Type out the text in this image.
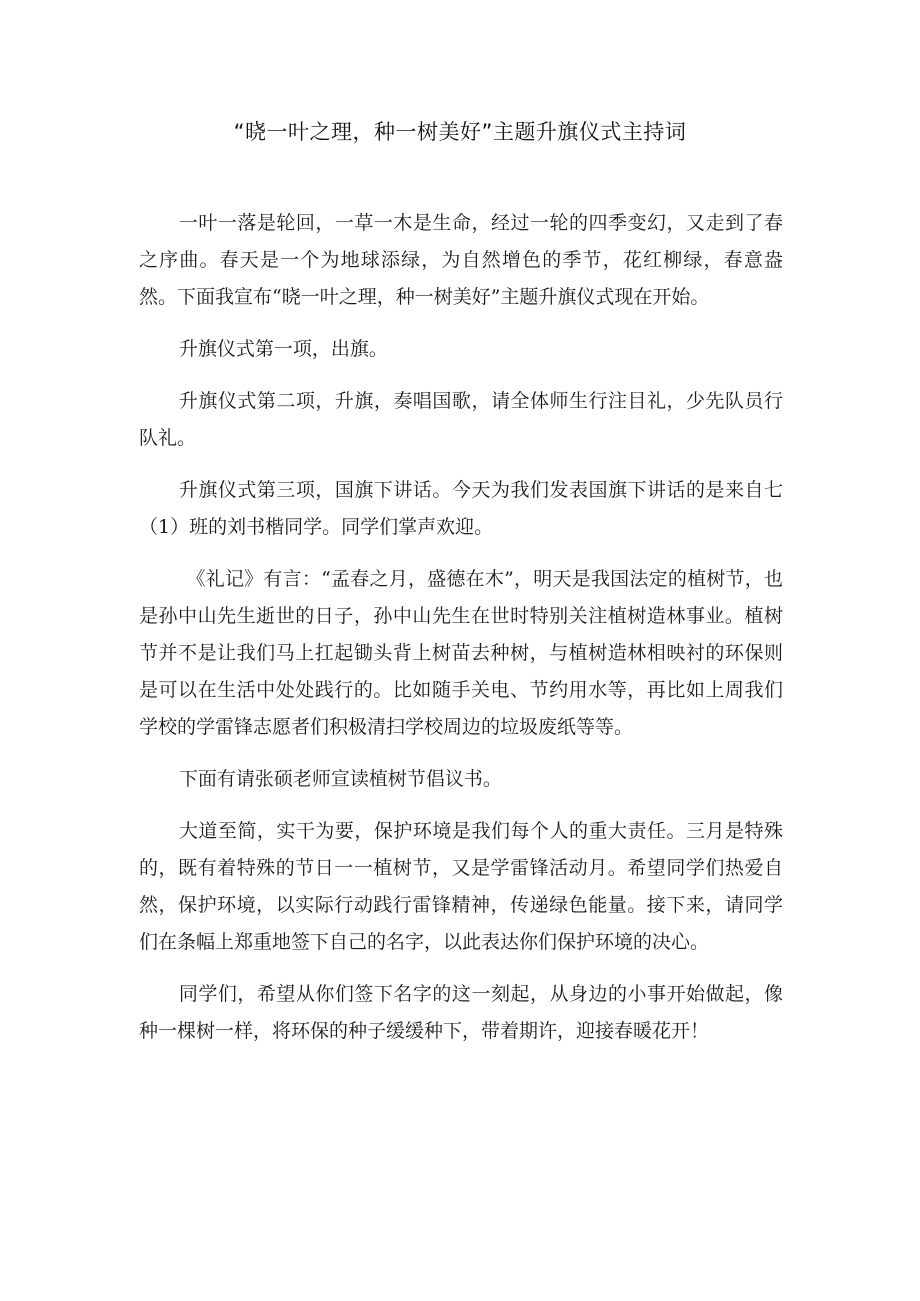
“晓一叶之理，种一树美好”主题升旗仪式主持词

一叶一落是轮回，一草一木是生命，经过一轮的四季变幻，又走到了春之序曲。春天是一个为地球添绿，为自然增色的季节，花红柳绿，春意盎然。下面我宣布“晓一叶之理，种一树美好”主题升旗仪式现在开始。

升旗仪式第一项，出旗。

升旗仪式第二项，升旗，奏唱国歌，请全体师生行注目礼，少先队员行队礼。

升旗仪式第三项，国旗下讲话。今天为我们发表国旗下讲话的是来自七（1）班的刘书楷同学。同学们掌声欢迎。

《礼记》有言：“孟春之月，盛德在木”，明天是我国法定的植树节，也是孙中山先生逝世的日子，孙中山先生在世时特别关注植树造林事业。植树节并不是让我们马上扛起锄头背上树苗去种树，与植树造林相映衬的环保则是可以在生活中处处践行的。比如随手关电、节约用水等，再比如上周我们学校的学雷锋志愿者们积极清扫学校周边的垃圾废纸等等。

下面有请张硕老师宣读植树节倡议书。

大道至简，实干为要，保护环境是我们每个人的重大责任。三月是特殊的，既有着特殊的节日一一植树节，又是学雷锋活动月。希望同学们热爱自然，保护环境，以实际行动践行雷锋精神，传递绿色能量。接下来，请同学们在条幅上郑重地签下自己的名字，以此表达你们保护环境的决心。

同学们，希望从你们签下名字的这一刻起，从身边的小事开始做起，像种一棵树一样，将环保的种子缓缓种下，带着期许，迎接春暖花开！
